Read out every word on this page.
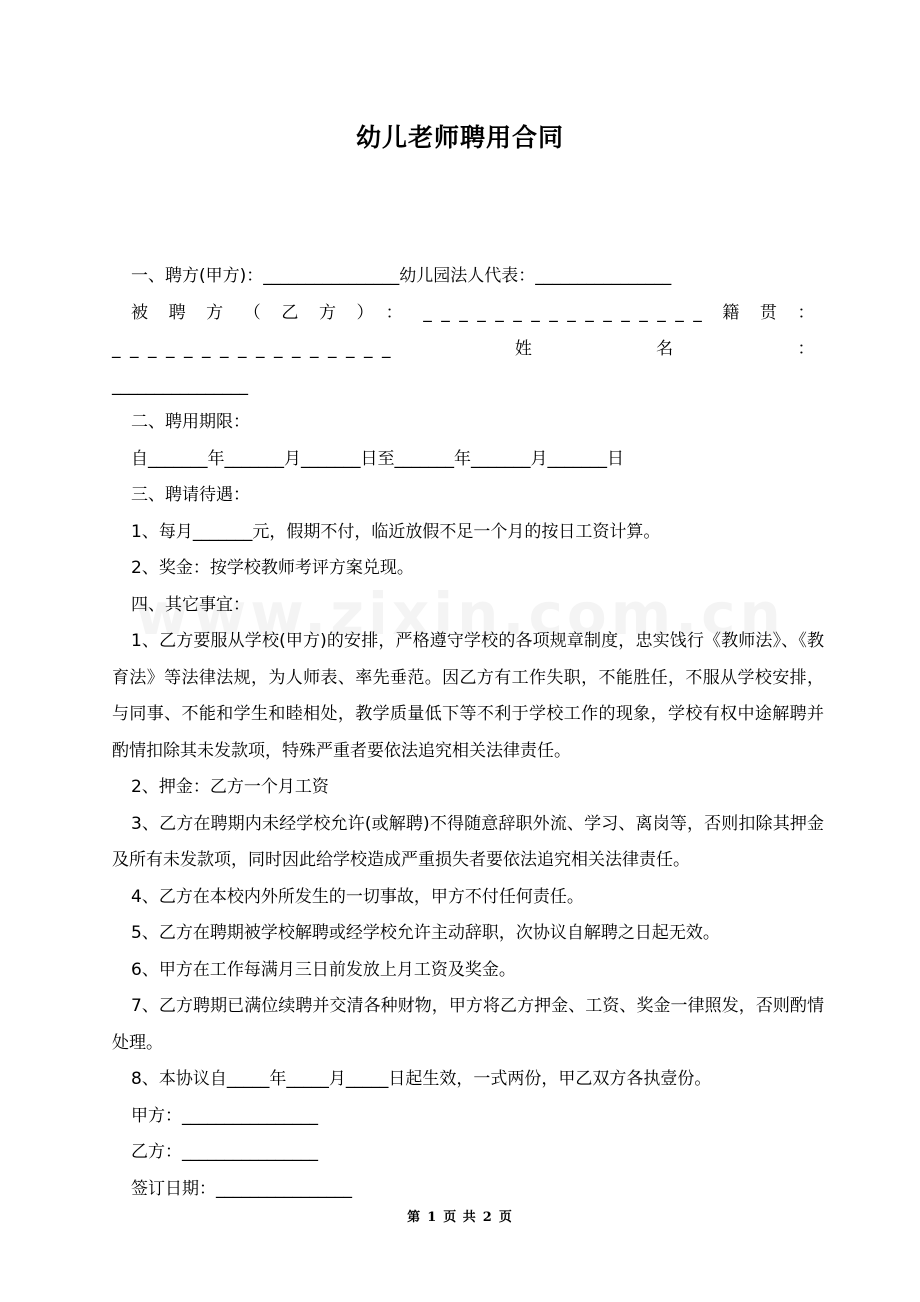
幼儿老师聘用合同

一、聘方(甲方)：________________幼儿园法人代表：________________

被聘方（乙方）：________________籍贯：________________姓名：

________________

二、聘用期限：

自_______年_______月_______日至_______年_______月_______日

三、聘请待遇：

1、每月_______元，假期不付，临近放假不足一个月的按日工资计算。

2、奖金：按学校教师考评方案兑现。

四、其它事宜：

1、乙方要服从学校(甲方)的安排，严格遵守学校的各项规章制度，忠实饯行《教师法》、《教育法》等法律法规，为人师表、率先垂范。因乙方有工作失职，不能胜任，不服从学校安排，与同事、不能和学生和睦相处，教学质量低下等不利于学校工作的现象，学校有权中途解聘并酌情扣除其未发款项，特殊严重者要依法追究相关法律责任。

2、押金：乙方一个月工资

3、乙方在聘期内未经学校允许(或解聘)不得随意辞职外流、学习、离岗等，否则扣除其押金及所有未发款项，同时因此给学校造成严重损失者要依法追究相关法律责任。

4、乙方在本校内外所发生的一切事故，甲方不付任何责任。

5、乙方在聘期被学校解聘或经学校允许主动辞职，次协议自解聘之日起无效。

6、甲方在工作每满月三日前发放上月工资及奖金。

7、乙方聘期已满位续聘并交清各种财物，甲方将乙方押金、工资、奖金一律照发，否则酌情处理。

8、本协议自_____年_____月_____日起生效，一式两份，甲乙双方各执壹份。

甲方：________________

乙方：________________

签订日期：________________

第 1 页 共 2 页
